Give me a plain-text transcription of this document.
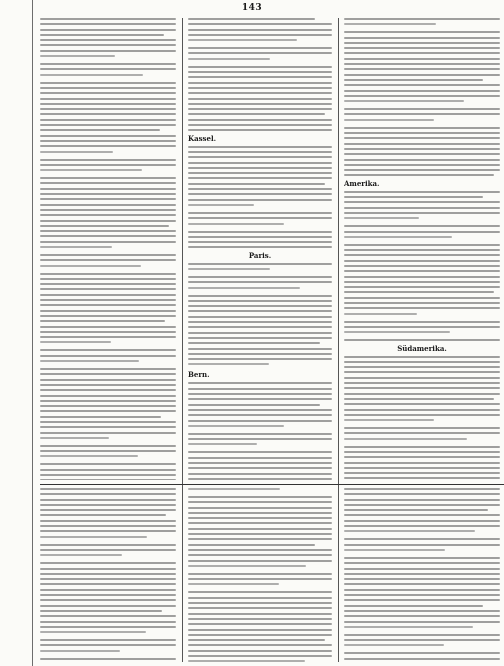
143
Kassel.
Paris.
Bern.
Amerika.
Südamerika.
